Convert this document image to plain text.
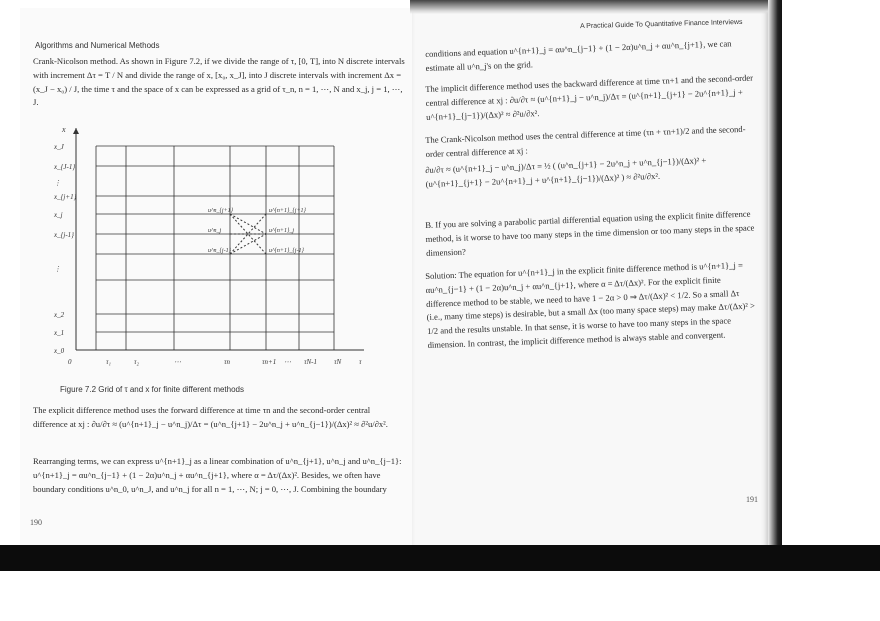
Algorithms and Numerical Methods
Crank-Nicolson method. As shown in Figure 7.2, if we divide the range of τ, [0, T], into N discrete intervals with increment Δτ = T / N and divide the range of x, [x₀, x_J], into J discrete intervals with increment Δx = (x_J − x₀) / J, the time τ and the space of x can be expressed as a grid of τ_n, n = 1, ⋯, N and x_j, j = 1, ⋯, J.
x
x_J
x_{J-1}
⋮
x_{j+1}
x_j
x_{j-1}
⋮
x_2
x_1
x_0
0	τ₁	τ₂	⋯	τn	τn+1 ⋯ τN-1 τN	τ
u^n_{j+1}
u^n_j
u^n_{j-1}
u^{n+1}_{j+1}
u^{n+1}_j
u^{n+1}_{j-1}
Figure 7.2 Grid of τ and x for finite different methods
The explicit difference method uses the forward difference at time τn and the second-order central difference at xj : ∂u/∂τ ≈ (u^{n+1}_j − u^n_j)/Δτ = (u^n_{j+1} − 2u^n_j + u^n_{j−1})/(Δx)² ≈ ∂²u/∂x².
Rearranging terms, we can express u^{n+1}_j as a linear combination of u^n_{j+1}, u^n_j and u^n_{j−1}: u^{n+1}_j = αu^n_{j−1} + (1 − 2α)u^n_j + αu^n_{j+1}, where α = Δτ/(Δx)². Besides, we often have boundary conditions u^n_0, u^n_J, and u^n_j for all n = 1, ⋯, N; j = 0, ⋯, J. Combining the boundary
190
A Practical Guide To Quantitative Finance Interviews
conditions and equation u^{n+1}_j = αu^n_{j−1} + (1 − 2α)u^n_j + αu^n_{j+1}, we can estimate all u^n_j's on the grid.
The implicit difference method uses the backward difference at time τn+1 and the second-order central difference at xj : ∂u/∂τ ≈ (u^{n+1}_j − u^n_j)/Δτ = (u^{n+1}_{j+1} − 2u^{n+1}_j + u^{n+1}_{j−1})/(Δx)² ≈ ∂²u/∂x².
The Crank-Nicolson method uses the central difference at time (τn + τn+1)/2 and the second-order central difference at xj :
∂u/∂τ ≈ (u^{n+1}_j − u^n_j)/Δτ = ½ ( (u^n_{j+1} − 2u^n_j + u^n_{j−1})/(Δx)² + (u^{n+1}_{j+1} − 2u^{n+1}_j + u^{n+1}_{j−1})/(Δx)² ) ≈ ∂²u/∂x².
B. If you are solving a parabolic partial differential equation using the explicit finite difference method, is it worse to have too many steps in the time dimension or too many steps in the space dimension?
Solution: The equation for u^{n+1}_j in the explicit finite difference method is u^{n+1}_j = αu^n_{j−1} + (1 − 2α)u^n_j + αu^n_{j+1}, where α = Δτ/(Δx)². For the explicit finite difference method to be stable, we need to have 1 − 2α > 0 ⇒ Δτ/(Δx)² < 1/2. So a small Δτ (i.e., many time steps) is desirable, but a small Δx (too many space steps) may make Δτ/(Δx)² > 1/2 and the results unstable. In that sense, it is worse to have too many steps in the space dimension. In contrast, the implicit difference method is always stable and convergent.
191
